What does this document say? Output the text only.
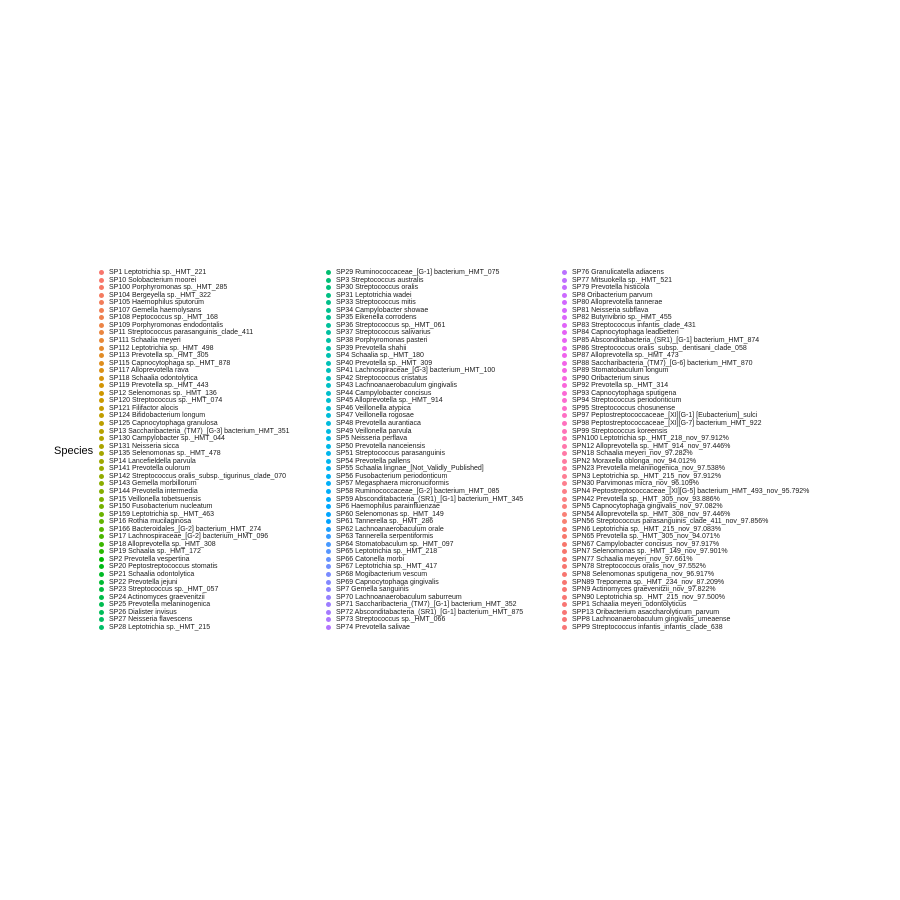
Species
SP1 Leptotrichia sp._HMT_221
SP10 Solobacterium moorei
SP100 Porphyromonas sp._HMT_285
SP104 Bergeyella sp._HMT_322
SP105 Haemophilus sputorum
SP107 Gemella haemolysans
SP108 Peptococcus sp._HMT_168
SP109 Porphyromonas endodontalis
SP11 Streptococcus parasanguinis_clade_411
SP111 Schaalia meyeri
SP112 Leptotrichia sp._HMT_498
SP113 Prevotella sp._HMT_305
SP115 Capnocytophaga sp._HMT_878
SP117 Alloprevotella rava
SP118 Schaalia odontolytica
SP119 Prevotella sp._HMT_443
SP12 Selenomonas sp._HMT_136
SP120 Streptococcus sp._HMT_074
SP121 Filifactor alocis
SP124 Bifidobacterium longum
SP125 Capnocytophaga granulosa
SP13 Saccharibacteria_(TM7)_[G-3] bacterium_HMT_351
SP130 Campylobacter sp._HMT_044
SP131 Neisseria sicca
SP135 Selenomonas sp._HMT_478
SP14 Lancefieldella parvula
SP141 Prevotella oulorum
SP142 Streptococcus oralis_subsp._tigurinus_clade_070
SP143 Gemella morbillorum
SP144 Prevotella intermedia
SP15 Veillonella tobetsuensis
SP150 Fusobacterium nucleatum
SP159 Leptotrichia sp._HMT_463
SP16 Rothia mucilaginosa
SP166 Bacteroidales_[G-2] bacterium_HMT_274
SP17 Lachnospiraceae_[G-2] bacterium_HMT_096
SP18 Alloprevotella sp._HMT_308
SP19 Schaalia sp._HMT_172
SP2 Prevotella vespertina
SP20 Peptostreptococcus stomatis
SP21 Schaalia odontolytica
SP22 Prevotella jejuni
SP23 Streptococcus sp._HMT_057
SP24 Actinomyces graevenitzii
SP25 Prevotella melaninogenica
SP26 Dialister invisus
SP27 Neisseria flavescens
SP28 Leptotrichia sp._HMT_215
SP29 Ruminococcaceae_[G-1] bacterium_HMT_075
SP3 Streptococcus australis
SP30 Streptococcus oralis
SP31 Leptotrichia wadei
SP33 Streptococcus mitis
SP34 Campylobacter showae
SP35 Eikenella corrodens
SP36 Streptococcus sp._HMT_061
SP37 Streptococcus salivarius
SP38 Porphyromonas pasteri
SP39 Prevotella shahii
SP4 Schaalia sp._HMT_180
SP40 Prevotella sp._HMT_309
SP41 Lachnospiraceae_[G-3] bacterium_HMT_100
SP42 Streptococcus cristatus
SP43 Lachnoanaerobaculum gingivalis
SP44 Campylobacter concisus
SP45 Alloprevotella sp._HMT_914
SP46 Veillonella atypica
SP47 Veillonella rogosae
SP48 Prevotella aurantiaca
SP49 Veillonella parvula
SP5 Neisseria perflava
SP50 Prevotella nanceiensis
SP51 Streptococcus parasanguinis
SP54 Prevotella pallens
SP55 Schaalia lingnae_[Not_Validly_Published]
SP56 Fusobacterium periodonticum
SP57 Megasphaera micronuciformis
SP58 Ruminococcaceae_[G-2] bacterium_HMT_085
SP59 Absconditabacteria_(SR1)_[G-1] bacterium_HMT_345
SP6 Haemophilus parainfluenzae
SP60 Selenomonas sp._HMT_149
SP61 Tannerella sp._HMT_286
SP62 Lachnoanaerobaculum orale
SP63 Tannerella serpentiformis
SP64 Stomatobaculum sp._HMT_097
SP65 Leptotrichia sp._HMT_218
SP66 Catonella morbi
SP67 Leptotrichia sp._HMT_417
SP68 Mogibacterium vescum
SP69 Capnocytophaga gingivalis
SP7 Gemella sanguinis
SP70 Lachnoanaerobaculum saburreum
SP71 Saccharibacteria_(TM7)_[G-1] bacterium_HMT_352
SP72 Absconditabacteria_(SR1)_[G-1] bacterium_HMT_875
SP73 Streptococcus sp._HMT_066
SP74 Prevotella salivae
SP76 Granulicatella adiacens
SP77 Mitsuokella sp._HMT_521
SP79 Prevotella histicola
SP8 Oribacterium parvum
SP80 Alloprevotella tannerae
SP81 Neisseria subflava
SP82 Butyrivibrio sp._HMT_455
SP83 Streptococcus infantis_clade_431
SP84 Capnocytophaga leadbetteri
SP85 Absconditabacteria_(SR1)_[G-1] bacterium_HMT_874
SP86 Streptococcus oralis_subsp._dentisani_clade_058
SP87 Alloprevotella sp._HMT_473
SP88 Saccharibacteria_(TM7)_[G-6] bacterium_HMT_870
SP89 Stomatobaculum longum
SP90 Oribacterium sinus
SP92 Prevotella sp._HMT_314
SP93 Capnocytophaga sputigena
SP94 Streptococcus periodonticum
SP95 Streptococcus chosunense
SP97 Peptostreptococcaceae_[XI][G-1] [Eubacterium]_sulci
SP98 Peptostreptococcaceae_[XI][G-7] bacterium_HMT_922
SP99 Streptococcus koreensis
SPN100 Leptotrichia sp._HMT_218_nov_97.912%
SPN12 Alloprevotella sp._HMT_914_nov_97.446%
SPN18 Schaalia meyeri_nov_97.282%
SPN2 Moraxella oblonga_nov_94.012%
SPN23 Prevotella melaninogenica_nov_97.538%
SPN3 Leptotrichia sp._HMT_215_nov_97.912%
SPN30 Parvimonas micra_nov_96.109%
SPN4 Peptostreptococcaceae_[XI][G-5] bacterium_HMT_493_nov_95.792%
SPN42 Prevotella sp._HMT_305_nov_93.886%
SPN5 Capnocytophaga gingivalis_nov_97.082%
SPN54 Alloprevotella sp._HMT_308_nov_97.446%
SPN56 Streptococcus parasanguinis_clade_411_nov_97.856%
SPN6 Leptotrichia sp._HMT_215_nov_97.083%
SPN65 Prevotella sp._HMT_305_nov_94.071%
SPN67 Campylobacter concisus_nov_97.917%
SPN7 Selenomonas sp._HMT_149_nov_97.901%
SPN77 Schaalia meyeri_nov_97.661%
SPN78 Streptococcus oralis_nov_97.552%
SPN8 Selenomonas sputigena_nov_96.917%
SPN89 Treponema sp._HMT_234_nov_87.209%
SPN9 Actinomyces graevenitzii_nov_97.822%
SPN90 Leptotrichia sp._HMT_215_nov_97.500%
SPP1 Schaalia meyeri_odontolyticus
SPP13 Oribacterium asaccharolyticum_parvum
SPP8 Lachnoanaerobaculum gingivalis_umeaense
SPP9 Streptococcus infantis_infantis_clade_638
